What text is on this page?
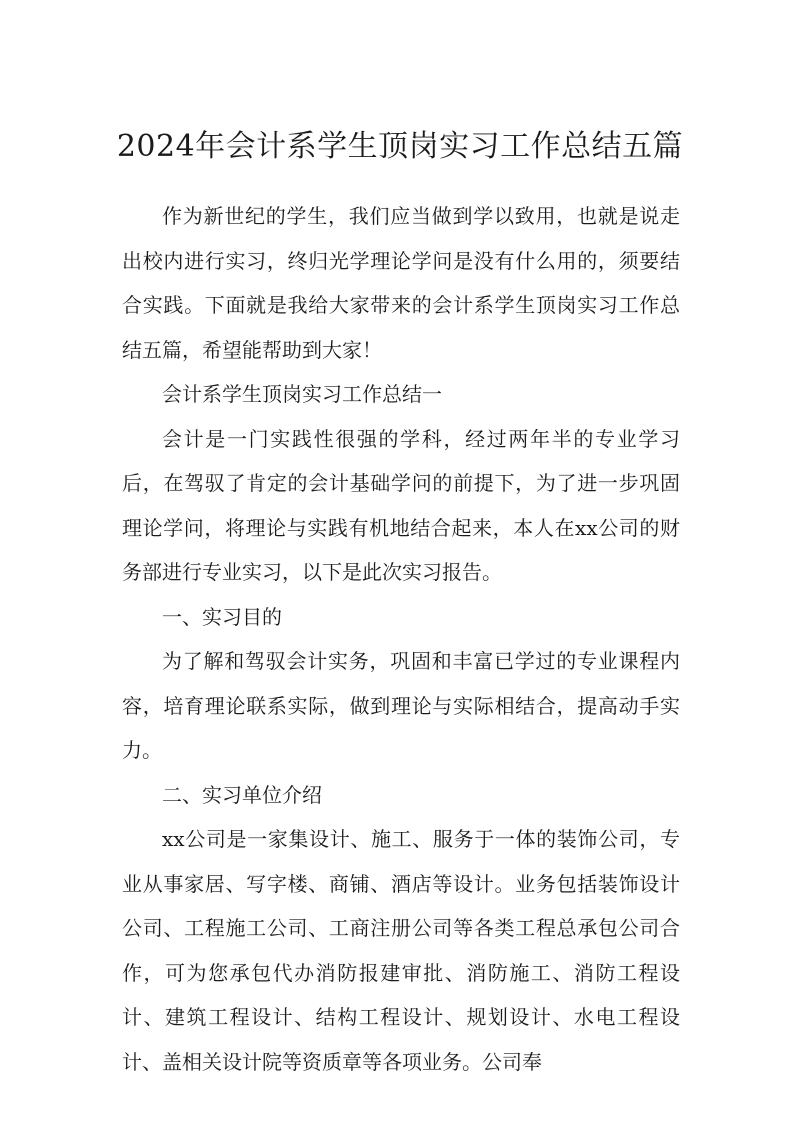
2024年会计系学生顶岗实习工作总结五篇

作为新世纪的学生，我们应当做到学以致用，也就是说走出校内进行实习，终归光学理论学问是没有什么用的，须要结合实践。下面就是我给大家带来的会计系学生顶岗实习工作总结五篇，希望能帮助到大家！

会计系学生顶岗实习工作总结一

会计是一门实践性很强的学科，经过两年半的专业学习后，在驾驭了肯定的会计基础学问的前提下，为了进一步巩固理论学问，将理论与实践有机地结合起来，本人在xx公司的财务部进行专业实习，以下是此次实习报告。

一、实习目的

为了解和驾驭会计实务，巩固和丰富已学过的专业课程内容，培育理论联系实际，做到理论与实际相结合，提高动手实力。

二、实习单位介绍

xx公司是一家集设计、施工、服务于一体的装饰公司，专业从事家居、写字楼、商铺、酒店等设计。业务包括装饰设计公司、工程施工公司、工商注册公司等各类工程总承包公司合作，可为您承包代办消防报建审批、消防施工、消防工程设计、建筑工程设计、结构工程设计、规划设计、水电工程设计、盖相关设计院等资质章等各项业务。公司奉
